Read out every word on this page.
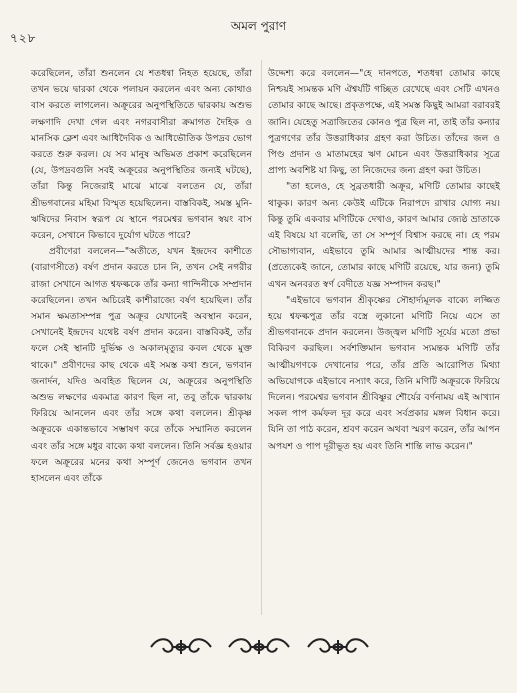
৭২৮
অমল পুরাণ

করেছিলেন, তাঁরা শুনলেন যে শতধন্বা নিহত হয়েছে, তাঁরা তখন ভয়ে দ্বারকা থেকে পলায়ন করলেন এবং অন্য কোথাও বাস করতে লাগলেন। অক্রূরের অনুপস্থিতিতে দ্বারকায় অশুভ লক্ষণাদি দেখা গেল এবং নগরবাসীরা ক্রমাগত দৈহিক ও মানসিক ক্লেশ এবং আধিদৈবিক ও আধিভৌতিক উপদ্রব ভোগ করতে শুরু করল। যে সব মানুষ অভিমত প্রকাশ করেছিলেন (যে, উপদ্রবগুলি সবই অক্রূরের অনুপস্থিতির জন্যই ঘটছে), তাঁরা কিন্তু নিজেরাই মাঝে মাঝে বলতেন যে, তাঁরা শ্রীভগবানের মহিমা বিস্মৃত হয়েছিলেন। বাস্তবিকই, সমস্ত মুনি-ঋষিদের নিবাস স্বরূপ যে স্থানে পরমেশ্বর ভগবান স্বয়ং বাস করেন, সেখানে কিভাবে দুর্যোগ ঘটতে পারে?

প্রবীণেরা বললেন—"অতীতে, যখন ইন্দ্রদেব কাশীতে (বারাণসীতে) বর্ষণ প্রদান করতে চান নি, তখন সেই নগরীর রাজা সেখানে আগত শ্বফল্ককে তাঁর কন্যা গান্দিনীকে সম্প্রদান করেছিলেন। তখন অচিরেই কাশীরাজ্যে বর্ষণ হয়েছিল। তাঁর সমান ক্ষমতাসম্পন্ন পুত্র অক্রূর যেখানেই অবস্থান করেন, সেখানেই ইন্দ্রদেব যথেষ্ট বর্ষণ প্রদান করেন। বাস্তবিকই, তাঁর ফলে সেই স্থানটি দুর্ভিক্ষ ও অকালমৃত্যুর কবল থেকে মুক্ত থাকে।" প্রবীণদের কাছ থেকে এই সমস্ত কথা শুনে, ভগবান জনার্দন, যদিও অবহিত ছিলেন যে, অক্রূরের অনুপস্থিতি অশুভ লক্ষণের একমাত্র কারণ ছিল না, তবু তাঁকে দ্বারকায় ফিরিয়ে আনলেন এবং তাঁর সঙ্গে কথা বললেন। শ্রীকৃষ্ণ অক্রূরকে একান্তভাবে সম্ভাষণ করে তাঁকে সম্মানিত করলেন এবং তাঁর সঙ্গে মধুর বাক্যে কথা বললেন। তিনি সর্বজ্ঞ হওয়ার ফলে অক্রূরের মনের কথা সম্পূর্ণ জেনেও ভগবান তখন হাসলেন এবং তাঁকে

উদ্দেশ্য করে বললেন—"হে দানপতে, শতধন্বা তোমার কাছে নিশ্চয়ই স্যমন্তক মণি ঐশ্বর্যটি গচ্ছিত রেখেছে এবং সেটি এখনও তোমার কাছে আছে। প্রকৃতপক্ষে, এই সমস্ত কিছুই আমরা বরাবরই জানি। যেহেতু সত্রাজিতের কোনও পুত্র ছিল না, তাই তাঁর কন্যার পুত্রগণের তাঁর উত্তরাধিকার গ্রহণ করা উচিত। তাঁদের জল ও পিণ্ড প্রদান ও মাতামহের ঋণ মোচন এবং উত্তরাধিকার সূত্রে প্রাপ্য অবশিষ্ট যা কিছু, তা নিজেদের জন্য গ্রহণ করা উচিত।

"তা হলেও, হে সুব্রতধারী অক্রূর, মণিটি তোমার কাছেই থাকুক। কারণ অন্য কেউই এটিকে নিরাপদে রাখার যোগ্য নয়। কিন্তু তুমি একবার মণিটিকে দেখাও, কারণ আমার জ্যেষ্ঠ ভ্রাতাকে এই বিষয়ে যা বলেছি, তা সে সম্পূর্ণ বিশ্বাস করছে না। হে পরম সৌভাগ্যবান, এইভাবে তুমি আমার আত্মীয়দের শান্ত কর। (প্রত্যেকেই জানে, তোমার কাছে মণিটি রয়েছে, যার জন্য) তুমি এখন অনবরত স্বর্ণ বেদীতে যজ্ঞ সম্পাদন করছ।"

"এইভাবে ভগবান শ্রীকৃষ্ণের সৌহার্দ্যমূলক বাক্যে লজ্জিত হয়ে শ্বফল্কপুত্র তাঁর বস্ত্রে লুকানো মণিটি নিয়ে এসে তা শ্রীভগবানকে প্রদান করলেন। উজ্জ্বল মণিটি সূর্যের মতো প্রভা বিকিরণ করছিল। সর্বশক্তিমান ভগবান স্যমন্তক মণিটি তাঁর আত্মীয়গণকে দেখানোর পরে, তাঁর প্রতি আরোপিত মিথ্যা অভিযোগকে এইভাবে নস্যাৎ করে, তিনি মণিটি অক্রূরকে ফিরিয়ে দিলেন। পরমেশ্বর ভগবান শ্রীবিষ্ণুর শৌর্যের বর্ণনাময় এই আখ্যান সকল পাপ কর্মফল দূর করে এবং সর্বপ্রকার মঙ্গল বিধান করে। যিনি তা পাঠ করেন, শ্রবণ করেন অথবা স্মরণ করেন, তাঁর আপন অপযশ ও পাপ দূরীভূত হয় এবং তিনি শান্তি লাভ করেন।"
